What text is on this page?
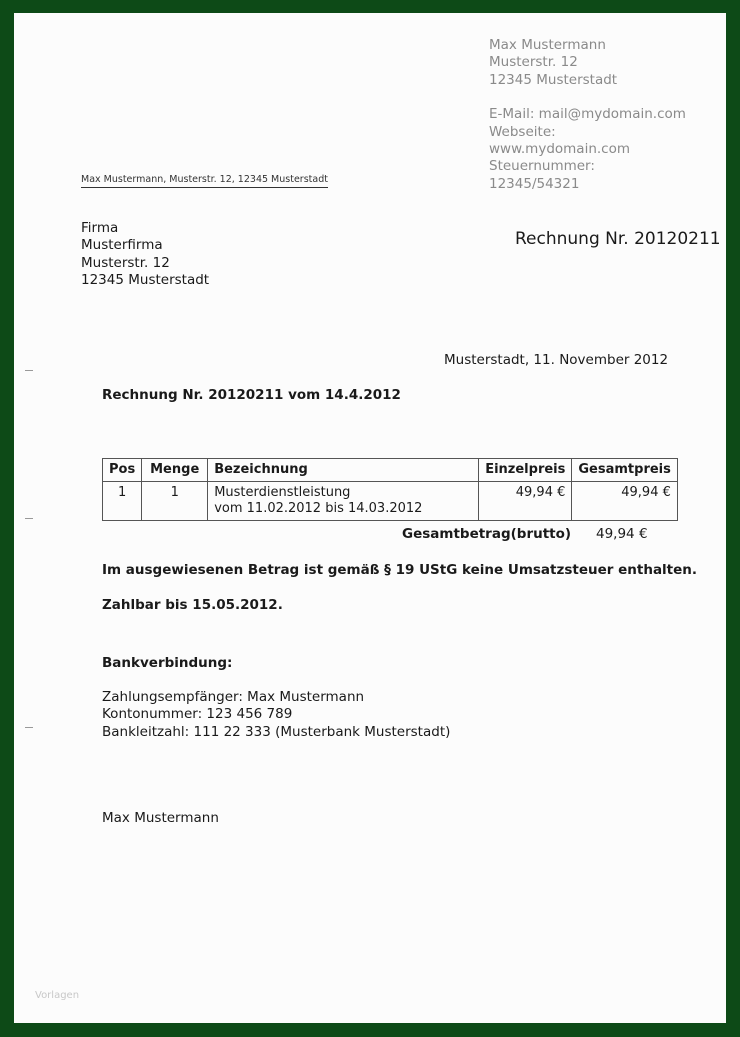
Max Mustermann
Musterstr. 12
12345 Musterstadt
E-Mail: mail@mydomain.com
Webseite:
www.mydomain.com
Steuernummer:
12345/54321
Max Mustermann, Musterstr. 12, 12345 Musterstadt
Firma
Musterfirma
Musterstr. 12
12345 Musterstadt
Rechnung Nr. 20120211
Musterstadt, 11. November 2012
Rechnung Nr. 20120211 vom 14.4.2012
Pos	Menge	Bezeichnung	Einzelpreis	Gesamtpreis
1	1	Musterdienstleistung
vom 11.02.2012 bis 14.03.2012	49,94 €	49,94 €
Gesamtbetrag(brutto) 49,94 €
Im ausgewiesenen Betrag ist gemäß § 19 UStG keine Umsatzsteuer enthalten.
Zahlbar bis 15.05.2012.
Bankverbindung:
Zahlungsempfänger: Max Mustermann
Kontonummer: 123 456 789
Bankleitzahl: 111 22 333 (Musterbank Musterstadt)
Max Mustermann
Vorlagen
